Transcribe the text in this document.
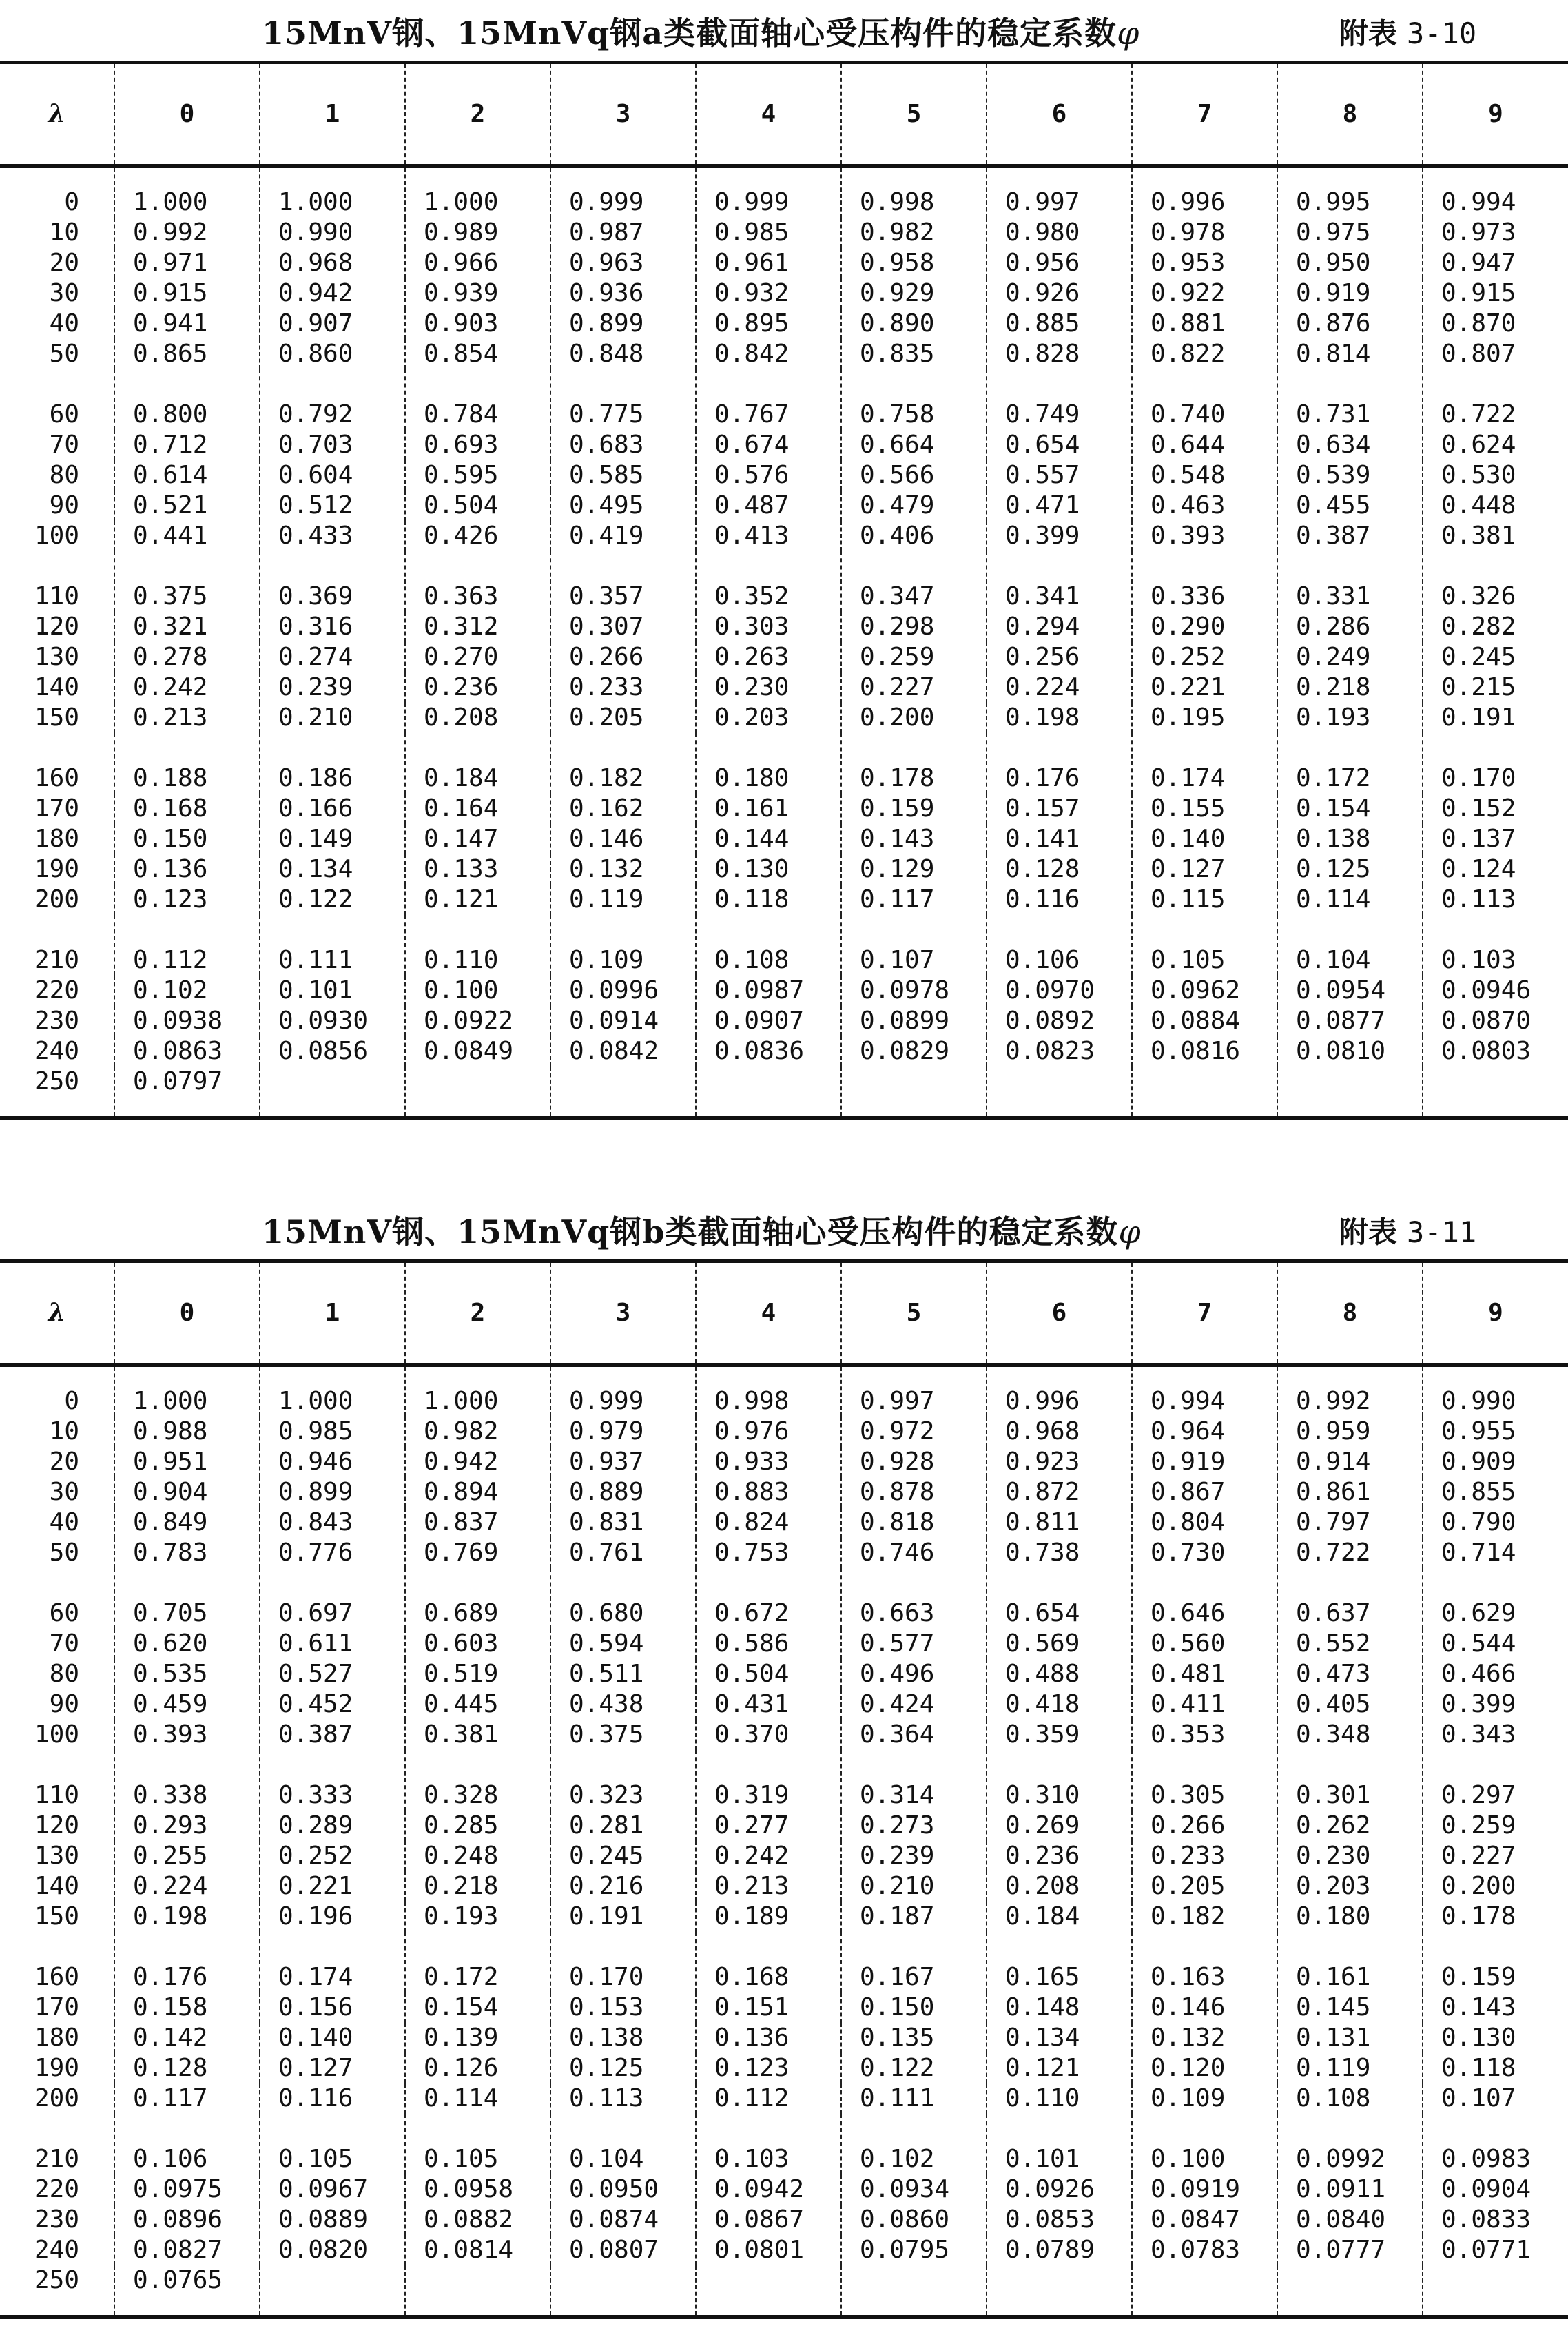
15MnV钢、15MnVq钢a类截面轴心受压构件的稳定系数φ	附表 3-10
λ	0	1	2	3	4	5	6	7	8	9
0	1.000	1.000	1.000	0.999	0.999	0.998	0.997	0.996	0.995	0.994
10	0.992	0.990	0.989	0.987	0.985	0.982	0.980	0.978	0.975	0.973
20	0.971	0.968	0.966	0.963	0.961	0.958	0.956	0.953	0.950	0.947
30	0.915	0.942	0.939	0.936	0.932	0.929	0.926	0.922	0.919	0.915
40	0.941	0.907	0.903	0.899	0.895	0.890	0.885	0.881	0.876	0.870
50	0.865	0.860	0.854	0.848	0.842	0.835	0.828	0.822	0.814	0.807
60	0.800	0.792	0.784	0.775	0.767	0.758	0.749	0.740	0.731	0.722
70	0.712	0.703	0.693	0.683	0.674	0.664	0.654	0.644	0.634	0.624
80	0.614	0.604	0.595	0.585	0.576	0.566	0.557	0.548	0.539	0.530
90	0.521	0.512	0.504	0.495	0.487	0.479	0.471	0.463	0.455	0.448
100	0.441	0.433	0.426	0.419	0.413	0.406	0.399	0.393	0.387	0.381
110	0.375	0.369	0.363	0.357	0.352	0.347	0.341	0.336	0.331	0.326
120	0.321	0.316	0.312	0.307	0.303	0.298	0.294	0.290	0.286	0.282
130	0.278	0.274	0.270	0.266	0.263	0.259	0.256	0.252	0.249	0.245
140	0.242	0.239	0.236	0.233	0.230	0.227	0.224	0.221	0.218	0.215
150	0.213	0.210	0.208	0.205	0.203	0.200	0.198	0.195	0.193	0.191
160	0.188	0.186	0.184	0.182	0.180	0.178	0.176	0.174	0.172	0.170
170	0.168	0.166	0.164	0.162	0.161	0.159	0.157	0.155	0.154	0.152
180	0.150	0.149	0.147	0.146	0.144	0.143	0.141	0.140	0.138	0.137
190	0.136	0.134	0.133	0.132	0.130	0.129	0.128	0.127	0.125	0.124
200	0.123	0.122	0.121	0.119	0.118	0.117	0.116	0.115	0.114	0.113
210	0.112	0.111	0.110	0.109	0.108	0.107	0.106	0.105	0.104	0.103
220	0.102	0.101	0.100	0.0996	0.0987	0.0978	0.0970	0.0962	0.0954	0.0946
230	0.0938	0.0930	0.0922	0.0914	0.0907	0.0899	0.0892	0.0884	0.0877	0.0870
240	0.0863	0.0856	0.0849	0.0842	0.0836	0.0829	0.0823	0.0816	0.0810	0.0803
250	0.0797									
15MnV钢、15MnVq钢b类截面轴心受压构件的稳定系数φ	附表 3-11
λ	0	1	2	3	4	5	6	7	8	9
0	1.000	1.000	1.000	0.999	0.998	0.997	0.996	0.994	0.992	0.990
10	0.988	0.985	0.982	0.979	0.976	0.972	0.968	0.964	0.959	0.955
20	0.951	0.946	0.942	0.937	0.933	0.928	0.923	0.919	0.914	0.909
30	0.904	0.899	0.894	0.889	0.883	0.878	0.872	0.867	0.861	0.855
40	0.849	0.843	0.837	0.831	0.824	0.818	0.811	0.804	0.797	0.790
50	0.783	0.776	0.769	0.761	0.753	0.746	0.738	0.730	0.722	0.714
60	0.705	0.697	0.689	0.680	0.672	0.663	0.654	0.646	0.637	0.629
70	0.620	0.611	0.603	0.594	0.586	0.577	0.569	0.560	0.552	0.544
80	0.535	0.527	0.519	0.511	0.504	0.496	0.488	0.481	0.473	0.466
90	0.459	0.452	0.445	0.438	0.431	0.424	0.418	0.411	0.405	0.399
100	0.393	0.387	0.381	0.375	0.370	0.364	0.359	0.353	0.348	0.343
110	0.338	0.333	0.328	0.323	0.319	0.314	0.310	0.305	0.301	0.297
120	0.293	0.289	0.285	0.281	0.277	0.273	0.269	0.266	0.262	0.259
130	0.255	0.252	0.248	0.245	0.242	0.239	0.236	0.233	0.230	0.227
140	0.224	0.221	0.218	0.216	0.213	0.210	0.208	0.205	0.203	0.200
150	0.198	0.196	0.193	0.191	0.189	0.187	0.184	0.182	0.180	0.178
160	0.176	0.174	0.172	0.170	0.168	0.167	0.165	0.163	0.161	0.159
170	0.158	0.156	0.154	0.153	0.151	0.150	0.148	0.146	0.145	0.143
180	0.142	0.140	0.139	0.138	0.136	0.135	0.134	0.132	0.131	0.130
190	0.128	0.127	0.126	0.125	0.123	0.122	0.121	0.120	0.119	0.118
200	0.117	0.116	0.114	0.113	0.112	0.111	0.110	0.109	0.108	0.107
210	0.106	0.105	0.105	0.104	0.103	0.102	0.101	0.100	0.0992	0.0983
220	0.0975	0.0967	0.0958	0.0950	0.0942	0.0934	0.0926	0.0919	0.0911	0.0904
230	0.0896	0.0889	0.0882	0.0874	0.0867	0.0860	0.0853	0.0847	0.0840	0.0833
240	0.0827	0.0820	0.0814	0.0807	0.0801	0.0795	0.0789	0.0783	0.0777	0.0771
250	0.0765									
